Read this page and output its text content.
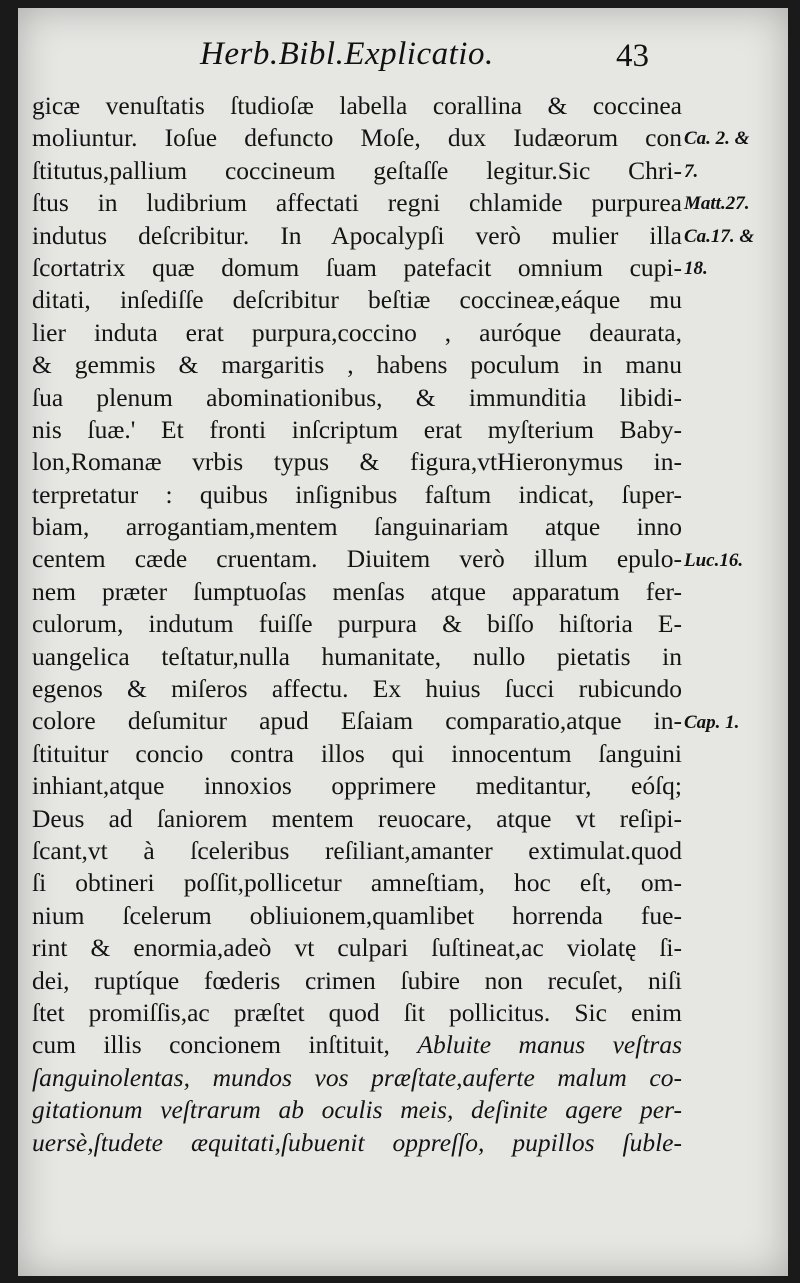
Herb.Bibl.Explicatio.	43
gicæ venuſtatis ſtudioſæ labella corallina & coccinea
moliuntur. Ioſue defuncto Moſe, dux Iudæorum con
ſtitutus,pallium coccineum geſtaſſe legitur.Sic Chri-
ſtus in ludibrium affectati regni chlamide purpurea
indutus deſcribitur. In Apocalypſi verò mulier illa
ſcortatrix quæ domum ſuam patefacit omnium cupi-
ditati, inſediſſe deſcribitur beſtiæ coccineæ,eáque mu
lier induta erat purpura,coccino , auróque deaurata,
& gemmis & margaritis , habens poculum in manu
ſua plenum abominationibus, & immunditia libidi-
nis ſuæ.' Et fronti inſcriptum erat myſterium Baby-
lon,Romanæ vrbis typus & figura,vtHieronymus in-
terpretatur : quibus inſignibus faſtum indicat, ſuper-
biam, arrogantiam,mentem ſanguinariam atque inno
centem cæde cruentam. Diuitem verò illum epulo-
nem præter ſumptuoſas menſas atque apparatum fer-
culorum, indutum fuiſſe purpura & biſſo hiſtoria E-
uangelica teſtatur,nulla humanitate, nullo pietatis in
egenos & miſeros affectu. Ex huius ſucci rubicundo
colore deſumitur apud Eſaiam comparatio,atque in-
ſtituitur concio contra illos qui innocentum ſanguini
inhiant,atque innoxios opprimere meditantur, eóſq;
Deus ad ſaniorem mentem reuocare, atque vt reſipi-
ſcant,vt à ſceleribus reſiliant,amanter extimulat.quod
ſi obtineri poſſit,pollicetur amneſtiam, hoc eſt, om-
nium ſcelerum obliuionem,quamlibet horrenda fue-
rint & enormia,adeò vt culpari ſuſtineat,ac violatę ſi-
dei, ruptíque fœderis crimen ſubire non recuſet, niſi
ſtet promiſſis,ac præſtet quod ſit pollicitus. Sic enim
cum illis concionem inſtituit, Abluite manus veſtras
ſanguinolentas, mundos vos præſtate,auferte malum co-
gitationum veſtrarum ab oculis meis, deſinite agere per-
uersè,ſtudete æquitati,ſubuenit oppreſſo, pupillos ſuble-
Ca. 2. &
7.
Matt.27.
Ca.17. &
18.
Luc.16.
Cap. 1.
